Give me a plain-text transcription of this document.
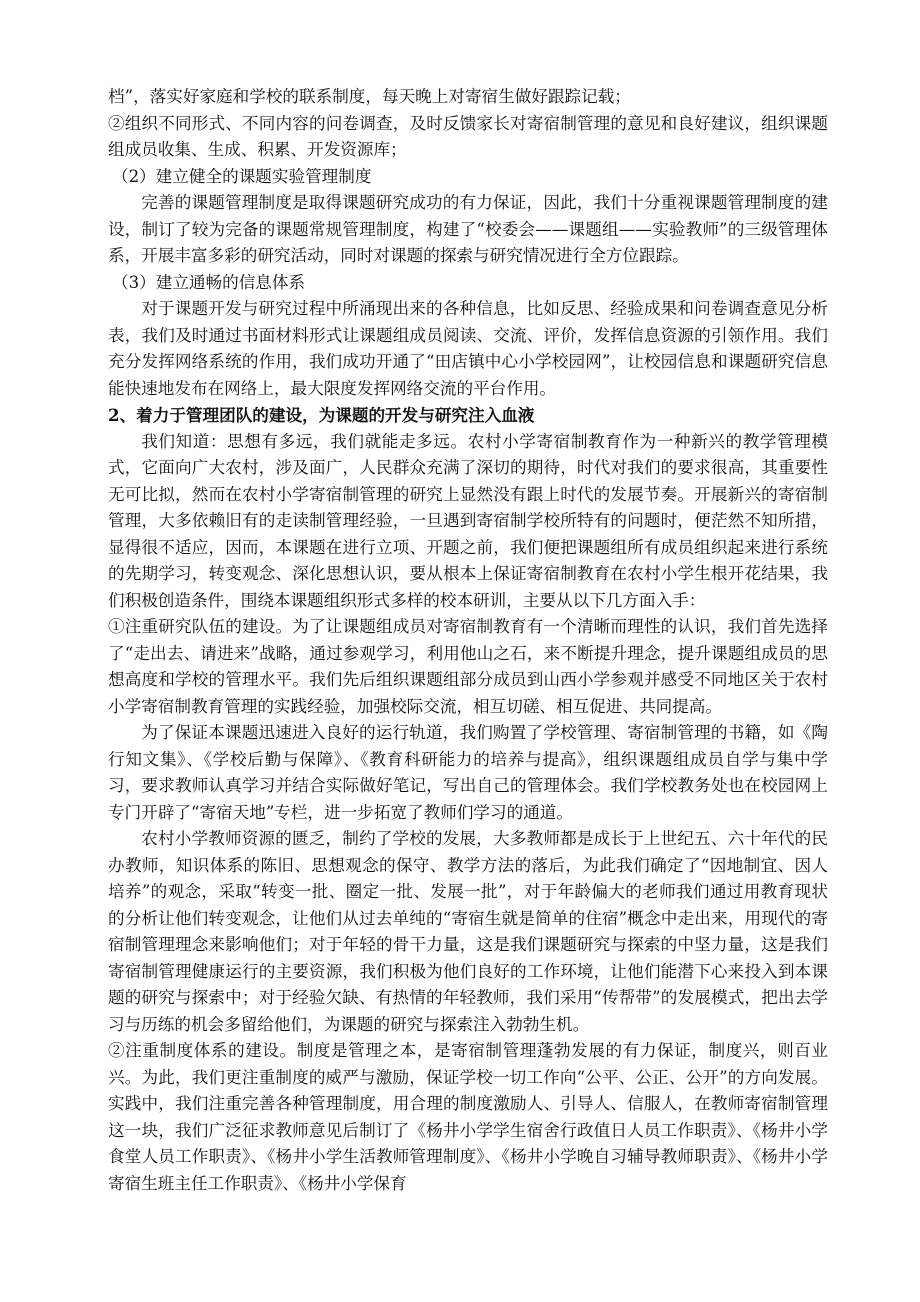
档”，落实好家庭和学校的联系制度，每天晚上对寄宿生做好跟踪记载；

②组织不同形式、不同内容的问卷调查，及时反馈家长对寄宿制管理的意见和良好建议，组织课题组成员收集、生成、积累、开发资源库；

（2）建立健全的课题实验管理制度

完善的课题管理制度是取得课题研究成功的有力保证，因此，我们十分重视课题管理制度的建设，制订了较为完备的课题常规管理制度，构建了“校委会——课题组——实验教师”的三级管理体系，开展丰富多彩的研究活动，同时对课题的探索与研究情况进行全方位跟踪。

（3）建立通畅的信息体系

对于课题开发与研究过程中所涌现出来的各种信息，比如反思、经验成果和问卷调查意见分析表，我们及时通过书面材料形式让课题组成员阅读、交流、评价，发挥信息资源的引领作用。我们充分发挥网络系统的作用，我们成功开通了“田店镇中心小学校园网”，让校园信息和课题研究信息能快速地发布在网络上，最大限度发挥网络交流的平台作用。

2、着力于管理团队的建设，为课题的开发与研究注入血液

我们知道：思想有多远，我们就能走多远。农村小学寄宿制教育作为一种新兴的教学管理模式，它面向广大农村，涉及面广，人民群众充满了深切的期待，时代对我们的要求很高，其重要性无可比拟，然而在农村小学寄宿制管理的研究上显然没有跟上时代的发展节奏。开展新兴的寄宿制管理，大多依赖旧有的走读制管理经验，一旦遇到寄宿制学校所特有的问题时，便茫然不知所措，显得很不适应，因而，本课题在进行立项、开题之前，我们便把课题组所有成员组织起来进行系统的先期学习，转变观念、深化思想认识，要从根本上保证寄宿制教育在农村小学生根开花结果，我们积极创造条件，围绕本课题组织形式多样的校本研训，主要从以下几方面入手：

①注重研究队伍的建设。为了让课题组成员对寄宿制教育有一个清晰而理性的认识，我们首先选择了“走出去、请进来”战略，通过参观学习，利用他山之石，来不断提升理念，提升课题组成员的思想高度和学校的管理水平。我们先后组织课题组部分成员到山西小学参观并感受不同地区关于农村小学寄宿制教育管理的实践经验，加强校际交流，相互切磋、相互促进、共同提高。

为了保证本课题迅速进入良好的运行轨道，我们购置了学校管理、寄宿制管理的书籍，如《陶行知文集》、《学校后勤与保障》、《教育科研能力的培养与提高》，组织课题组成员自学与集中学习，要求教师认真学习并结合实际做好笔记，写出自己的管理体会。我们学校教务处也在校园网上专门开辟了“寄宿天地”专栏，进一步拓宽了教师们学习的通道。

农村小学教师资源的匮乏，制约了学校的发展，大多教师都是成长于上世纪五、六十年代的民办教师，知识体系的陈旧、思想观念的保守、教学方法的落后，为此我们确定了“因地制宜、因人培养”的观念，采取“转变一批、圈定一批、发展一批”，对于年龄偏大的老师我们通过用教育现状的分析让他们转变观念，让他们从过去单纯的“寄宿生就是简单的住宿”概念中走出来，用现代的寄宿制管理理念来影响他们；对于年轻的骨干力量，这是我们课题研究与探索的中坚力量，这是我们寄宿制管理健康运行的主要资源，我们积极为他们良好的工作环境，让他们能潜下心来投入到本课题的研究与探索中；对于经验欠缺、有热情的年轻教师，我们采用“传帮带”的发展模式，把出去学习与历练的机会多留给他们，为课题的研究与探索注入勃勃生机。

②注重制度体系的建设。制度是管理之本，是寄宿制管理蓬勃发展的有力保证，制度兴，则百业兴。为此，我们更注重制度的威严与激励，保证学校一切工作向“公平、公正、公开”的方向发展。实践中，我们注重完善各种管理制度，用合理的制度激励人、引导人、信服人，在教师寄宿制管理这一块，我们广泛征求教师意见后制订了《杨井小学学生宿舍行政值日人员工作职责》、《杨井小学食堂人员工作职责》、《杨井小学生活教师管理制度》、《杨井小学晚自习辅导教师职责》、《杨井小学寄宿生班主任工作职责》、《杨井小学保育
